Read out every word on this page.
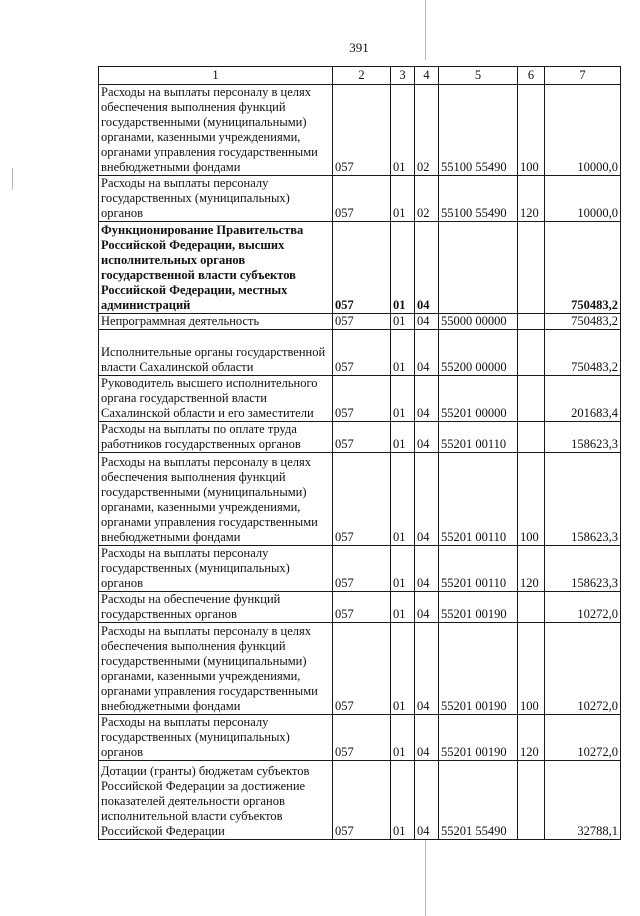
391
1	2	3	4	5	6	7
Расходы на выплаты персоналу в целях обеспечения выполнения функций государственными (муниципальными) органами, казенными учреждениями, органами управления государственными внебюджетными фондами	057	01	02	55100 55490	100	10000,0
Расходы на выплаты персоналу государственных (муниципальных) органов	057	01	02	55100 55490	120	10000,0
Функционирование Правительства Российской Федерации, высших исполнительных органов государственной власти субъектов Российской Федерации, местных администраций	057	01	04			750483,2
Непрограммная деятельность	057	01	04	55000 00000		750483,2
Исполнительные органы государственной власти Сахалинской области	057	01	04	55200 00000		750483,2
Руководитель высшего исполнительного органа государственной власти Сахалинской области и его заместители	057	01	04	55201 00000		201683,4
Расходы на выплаты по оплате труда работников государственных органов	057	01	04	55201 00110		158623,3
Расходы на выплаты персоналу в целях обеспечения выполнения функций государственными (муниципальными) органами, казенными учреждениями, органами управления государственными внебюджетными фондами	057	01	04	55201 00110	100	158623,3
Расходы на выплаты персоналу государственных (муниципальных) органов	057	01	04	55201 00110	120	158623,3
Расходы на обеспечение функций государственных органов	057	01	04	55201 00190		10272,0
Расходы на выплаты персоналу в целях обеспечения выполнения функций государственными (муниципальными) органами, казенными учреждениями, органами управления государственными внебюджетными фондами	057	01	04	55201 00190	100	10272,0
Расходы на выплаты персоналу государственных (муниципальных) органов	057	01	04	55201 00190	120	10272,0
Дотации (гранты) бюджетам субъектов Российской Федерации за достижение показателей деятельности органов исполнительной власти субъектов Российской Федерации	057	01	04	55201 55490		32788,1
